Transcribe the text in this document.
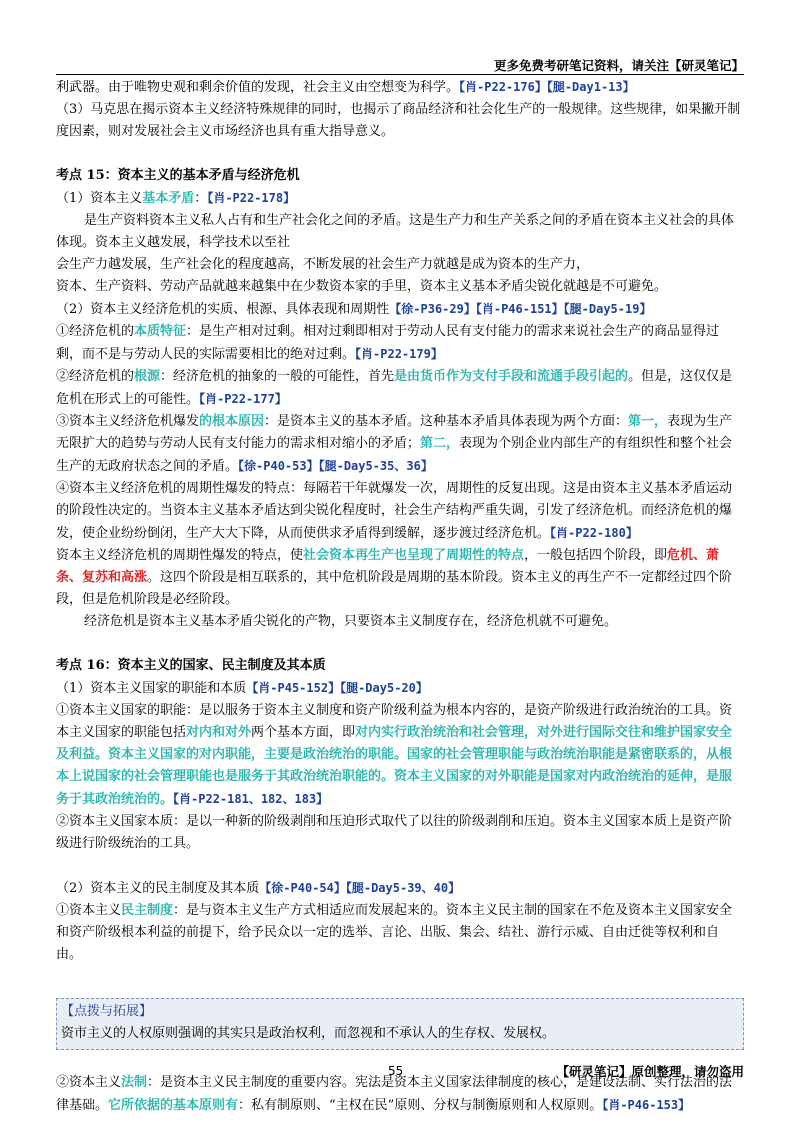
更多免费考研笔记资料，请关注【研灵笔记】

利武器。由于唯物史观和剩余价值的发现，社会主义由空想变为科学。【肖-P22-176】【腿-Day1-13】

（3）马克思在揭示资本主义经济特殊规律的同时，也揭示了商品经济和社会化生产的一般规律。这些规律，如果撇开制度因素，则对发展社会主义市场经济也具有重大指导意义。

考点 15：资本主义的基本矛盾与经济危机

（1）资本主义基本矛盾：【肖-P22-178】

是生产资料资本主义私人占有和生产社会化之间的矛盾。这是生产力和生产关系之间的矛盾在资本主义社会的具体体现。资本主义越发展，科学技术以至社

会生产力越发展，生产社会化的程度越高，不断发展的社会生产力就越是成为资本的生产力，

资本、生产资料、劳动产品就越来越集中在少数资本家的手里，资本主义基本矛盾尖锐化就越是不可避免。

（2）资本主义经济危机的实质、根源、具体表现和周期性【徐-P36-29】【肖-P46-151】【腿-Day5-19】

①经济危机的本质特征：是生产相对过剩。相对过剩即相对于劳动人民有支付能力的需求来说社会生产的商品显得过剩，而不是与劳动人民的实际需要相比的绝对过剩。【肖-P22-179】

②经济危机的根源：经济危机的抽象的一般的可能性，首先是由货币作为支付手段和流通手段引起的。但是，这仅仅是危机在形式上的可能性。【肖-P22-177】

③资本主义经济危机爆发的根本原因：是资本主义的基本矛盾。这种基本矛盾具体表现为两个方面：第一，表现为生产无限扩大的趋势与劳动人民有支付能力的需求相对缩小的矛盾；第二，表现为个别企业内部生产的有组织性和整个社会生产的无政府状态之间的矛盾。【徐-P40-53】【腿-Day5-35、36】

④资本主义经济危机的周期性爆发的特点：每隔若干年就爆发一次，周期性的反复出现。这是由资本主义基本矛盾运动的阶段性决定的。当资本主义基本矛盾达到尖锐化程度时，社会生产结构严重失调，引发了经济危机。而经济危机的爆发，使企业纷纷倒闭，生产大大下降，从而使供求矛盾得到缓解，逐步渡过经济危机。【肖-P22-180】

资本主义经济危机的周期性爆发的特点，使社会资本再生产也呈现了周期性的特点，一般包括四个阶段，即危机、萧条、复苏和高涨。这四个阶段是相互联系的，其中危机阶段是周期的基本阶段。资本主义的再生产不一定都经过四个阶段，但是危机阶段是必经阶段。

经济危机是资本主义基本矛盾尖锐化的产物，只要资本主义制度存在，经济危机就不可避免。

考点 16：资本主义的国家、民主制度及其本质

（1）资本主义国家的职能和本质【肖-P45-152】【腿-Day5-20】

①资本主义国家的职能：是以服务于资本主义制度和资产阶级利益为根本内容的，是资产阶级进行政治统治的工具。资本主义国家的职能包括对内和对外两个基本方面，即对内实行政治统治和社会管理，对外进行国际交往和维护国家安全及利益。资本主义国家的对内职能，主要是政治统治的职能。国家的社会管理职能与政治统治职能是紧密联系的，从根本上说国家的社会管理职能也是服务于其政治统治职能的。资本主义国家的对外职能是国家对内政治统治的延伸，是服务于其政治统治的。【肖-P22-181、182、183】

②资本主义国家本质：是以一种新的阶级剥削和压迫形式取代了以往的阶级剥削和压迫。资本主义国家本质上是资产阶级进行阶级统治的工具。

（2）资本主义的民主制度及其本质【徐-P40-54】【腿-Day5-39、40】

①资本主义民主制度：是与资本主义生产方式相适应而发展起来的。资本主义民主制的国家在不危及资本主义国家安全和资产阶级根本利益的前提下，给予民众以一定的选举、言论、出版、集会、结社、游行示威、自由迁徙等权利和自由。

【点拨与拓展】

资市主义的人权原则强调的其实只是政治权利，而忽视和不承认人的生存权、发展权。

②资本主义法制：是资本主义民主制度的重要内容。宪法是资本主义国家法律制度的核心，是建设法制、实行法治的法律基础。它所依据的基本原则有：私有制原则、“主权在民”原则、分权与制衡原则和人权原则。【肖-P46-153】

55	【研灵笔记】原创整理，请勿盗用
